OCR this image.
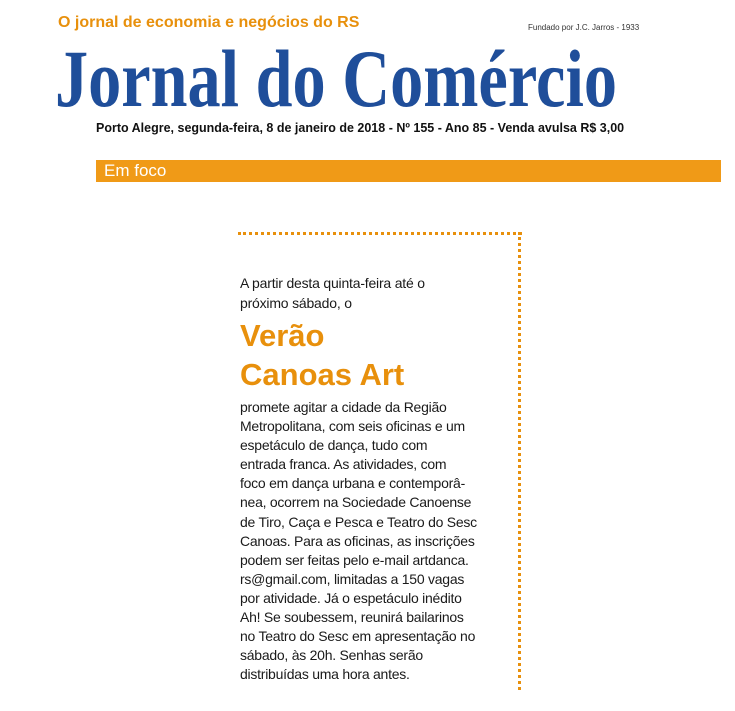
O jornal de economia e negócios do RS	Fundado por J.C. Jarros - 1933
Jornal do Comércio
Porto Alegre, segunda-feira, 8 de janeiro de 2018 - Nº 155 - Ano 85 - Venda avulsa R$ 3,00
Em foco

A partir desta quinta-feira até o
próximo sábado, o

Verão
Canoas Art

promete agitar a cidade da Região
Metropolitana, com seis oficinas e um
espetáculo de dança, tudo com
entrada franca. As atividades, com
foco em dança urbana e contemporâ-
nea, ocorrem na Sociedade Canoense
de Tiro, Caça e Pesca e Teatro do Sesc
Canoas. Para as oficinas, as inscrições
podem ser feitas pelo e-mail artdanca.
rs@gmail.com, limitadas a 150 vagas
por atividade. Já o espetáculo inédito
Ah! Se soubessem, reunirá bailarinos
no Teatro do Sesc em apresentação no
sábado, às 20h. Senhas serão
distribuídas uma hora antes.
